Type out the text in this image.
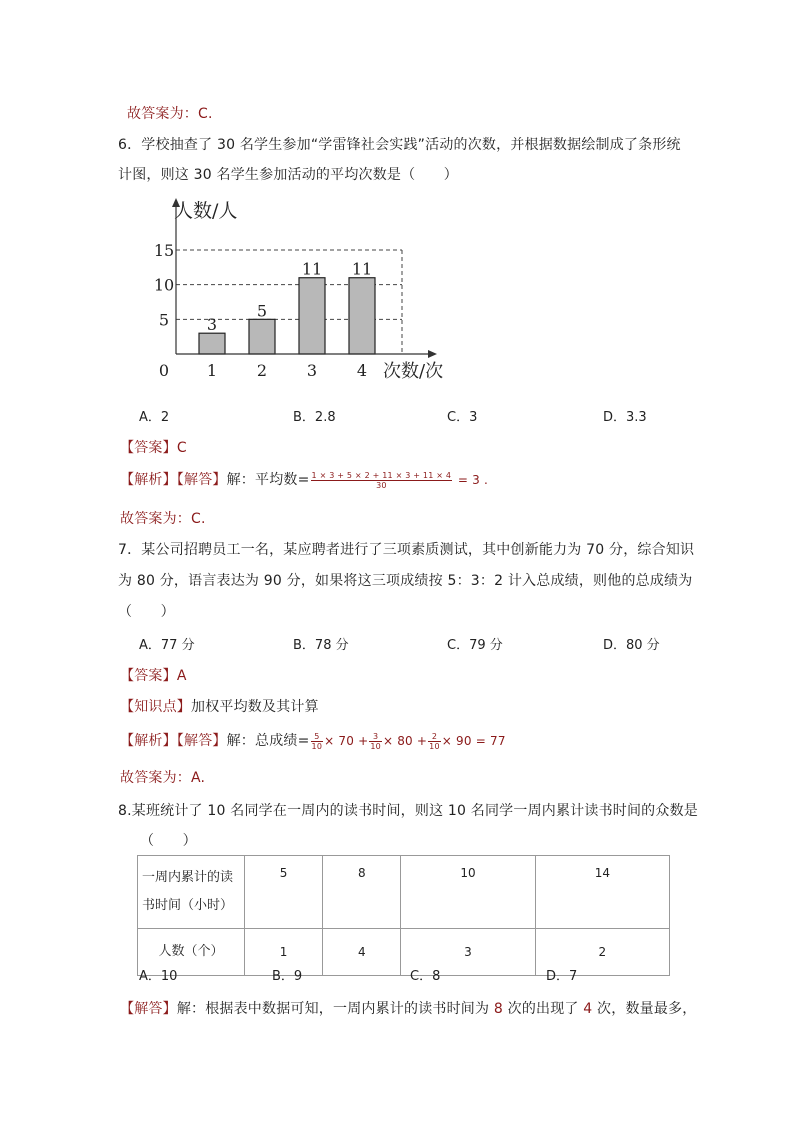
故答案为：C.
6．学校抽查了 30 名学生参加“学雷锋社会实践”活动的次数，并根据数据绘制成了条形统
计图，则这 30 名学生参加活动的平均次数是（　　）
5
10
15
3
1
5
2
11
3
11
4
人数/人
次数/次
0
A．2	B．2.8	C．3	D．3.3
【答案】C
【解析】【解答】解：平均数= $\frac{1 \times 3 + 5 \times 2 + 11 \times 3 + 11 \times 4}{30} = 3$ .
故答案为：C.
7．某公司招聘员工一名，某应聘者进行了三项素质测试，其中创新能力为 70 分，综合知识
为 80 分，语言表达为 90 分，如果将这三项成绩按 5：3：2 计入总成绩，则他的总成绩为
（　　）
A．77 分	B．78 分	C．79 分	D．80 分
【答案】A
【知识点】加权平均数及其计算
【解析】【解答】解：总成绩= $\frac{5}{10} \times 70 + \frac{3}{10} \times 80 + \frac{2}{10} \times 90 = 77$
故答案为：A.
8.某班统计了 10 名同学在一周内的读书时间，则这 10 名同学一周内累计读书时间的众数是
（　　）
一周内累计的读书时间（小时）	5	8	10	14
人数（个）	1	4	3	2
A．10	B．9	C．8	D．7
【解答】解：根据表中数据可知，一周内累计的读书时间为 8 次的出现了 4 次，数量最多，
